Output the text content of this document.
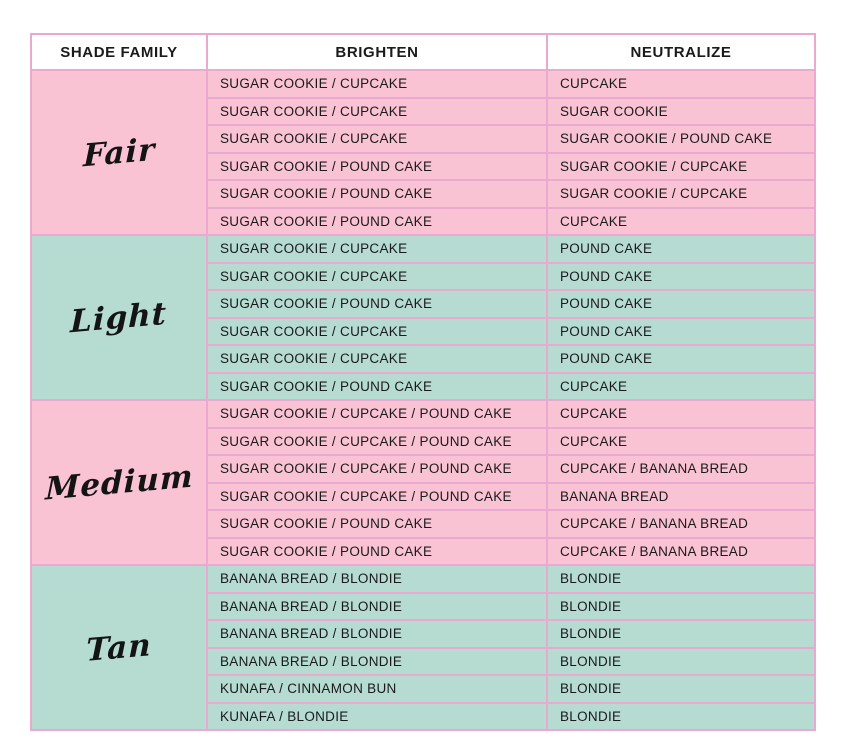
SHADE FAMILY	BRIGHTEN	NEUTRALIZE
Fair	SUGAR COOKIE / CUPCAKE	CUPCAKE
	SUGAR COOKIE / CUPCAKE	SUGAR COOKIE
	SUGAR COOKIE / CUPCAKE	SUGAR COOKIE / POUND CAKE
	SUGAR COOKIE / POUND CAKE	SUGAR COOKIE / CUPCAKE
	SUGAR COOKIE / POUND CAKE	SUGAR COOKIE / CUPCAKE
	SUGAR COOKIE / POUND CAKE	CUPCAKE
Light	SUGAR COOKIE / CUPCAKE	POUND CAKE
	SUGAR COOKIE / CUPCAKE	POUND CAKE
	SUGAR COOKIE / POUND CAKE	POUND CAKE
	SUGAR COOKIE / CUPCAKE	POUND CAKE
	SUGAR COOKIE / CUPCAKE	POUND CAKE
	SUGAR COOKIE / POUND CAKE	CUPCAKE
Medium	SUGAR COOKIE / CUPCAKE / POUND CAKE	CUPCAKE
	SUGAR COOKIE / CUPCAKE / POUND CAKE	CUPCAKE
	SUGAR COOKIE / CUPCAKE / POUND CAKE	CUPCAKE / BANANA BREAD
	SUGAR COOKIE / CUPCAKE / POUND CAKE	BANANA BREAD
	SUGAR COOKIE / POUND CAKE	CUPCAKE / BANANA BREAD
	SUGAR COOKIE / POUND CAKE	CUPCAKE / BANANA BREAD
Tan	BANANA BREAD / BLONDIE	BLONDIE
	BANANA BREAD / BLONDIE	BLONDIE
	BANANA BREAD / BLONDIE	BLONDIE
	BANANA BREAD / BLONDIE	BLONDIE
	KUNAFA / CINNAMON BUN	BLONDIE
	KUNAFA / BLONDIE	BLONDIE
